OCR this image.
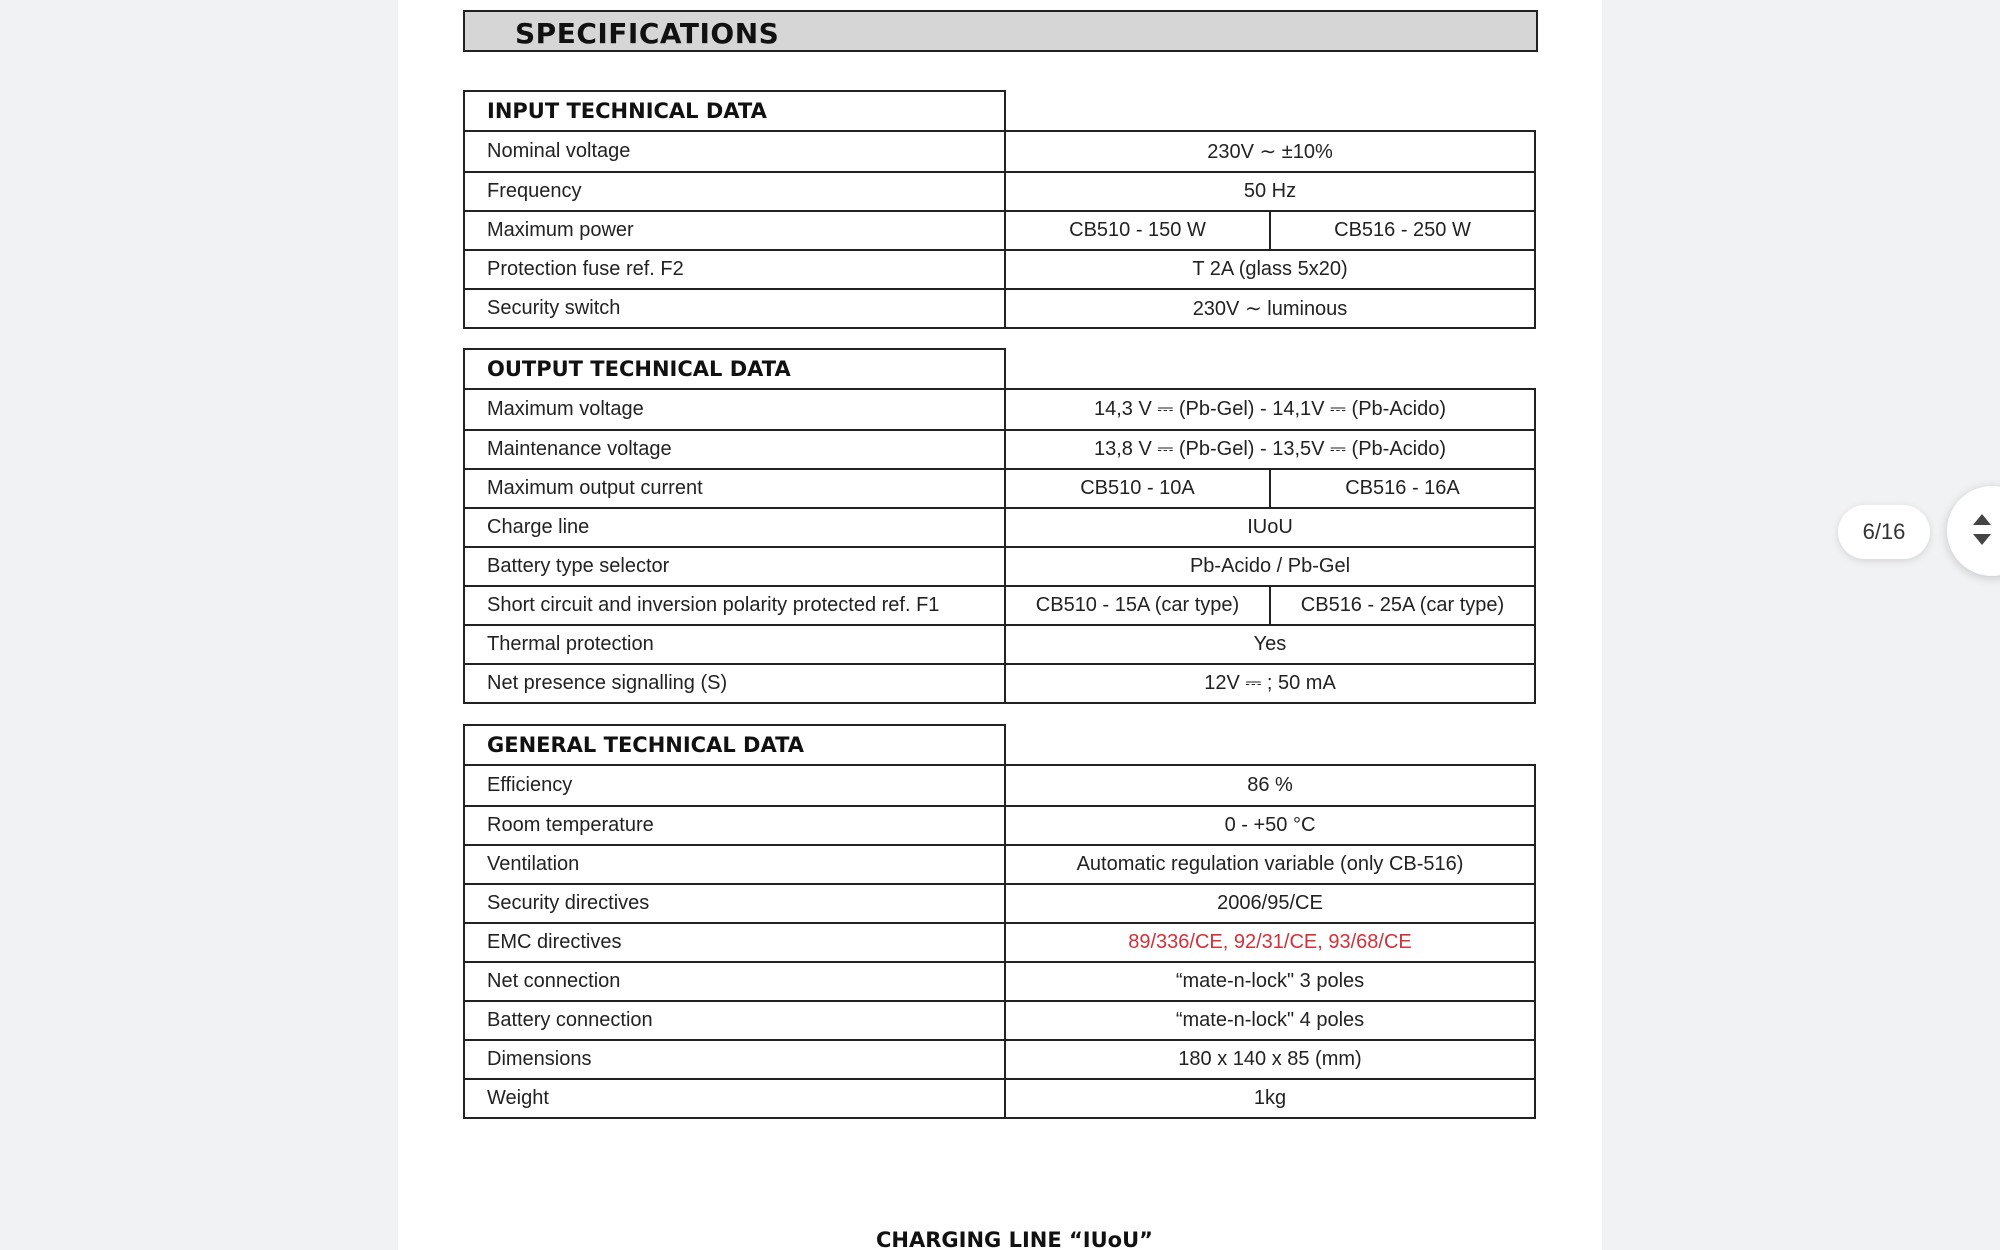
SPECIFICATIONS
INPUT TECHNICAL DATA
Nominal voltage	230V ∼ ±10%
Frequency	50 Hz
Maximum power	CB510 - 150 W	CB516 - 250 W
Protection fuse ref. F2	T 2A (glass 5x20)
Security switch	230V ∼ luminous
OUTPUT TECHNICAL DATA
Maximum voltage	14,3 V ⎓ (Pb-Gel) - 14,1V ⎓ (Pb-Acido)
Maintenance voltage	13,8 V ⎓ (Pb-Gel) - 13,5V ⎓ (Pb-Acido)
Maximum output current	CB510 - 10A	CB516 - 16A
Charge line	IUoU
Battery type selector	Pb-Acido / Pb-Gel
Short circuit and inversion polarity protected ref. F1	CB510 - 15A (car type)	CB516 - 25A (car type)
Thermal protection	Yes
Net presence signalling (S)	12V ⎓ ; 50 mA
GENERAL TECHNICAL DATA
Efficiency	86 %
Room temperature	0 - +50 °C
Ventilation	Automatic regulation variable (only CB-516)
Security directives	2006/95/CE
EMC directives	89/336/CE, 92/31/CE, 93/68/CE
Net connection	“mate-n-lock" 3 poles
Battery connection	“mate-n-lock" 4 poles
Dimensions	180 x 140 x 85 (mm)
Weight	1kg
CHARGING LINE “IUoU”
6/16
